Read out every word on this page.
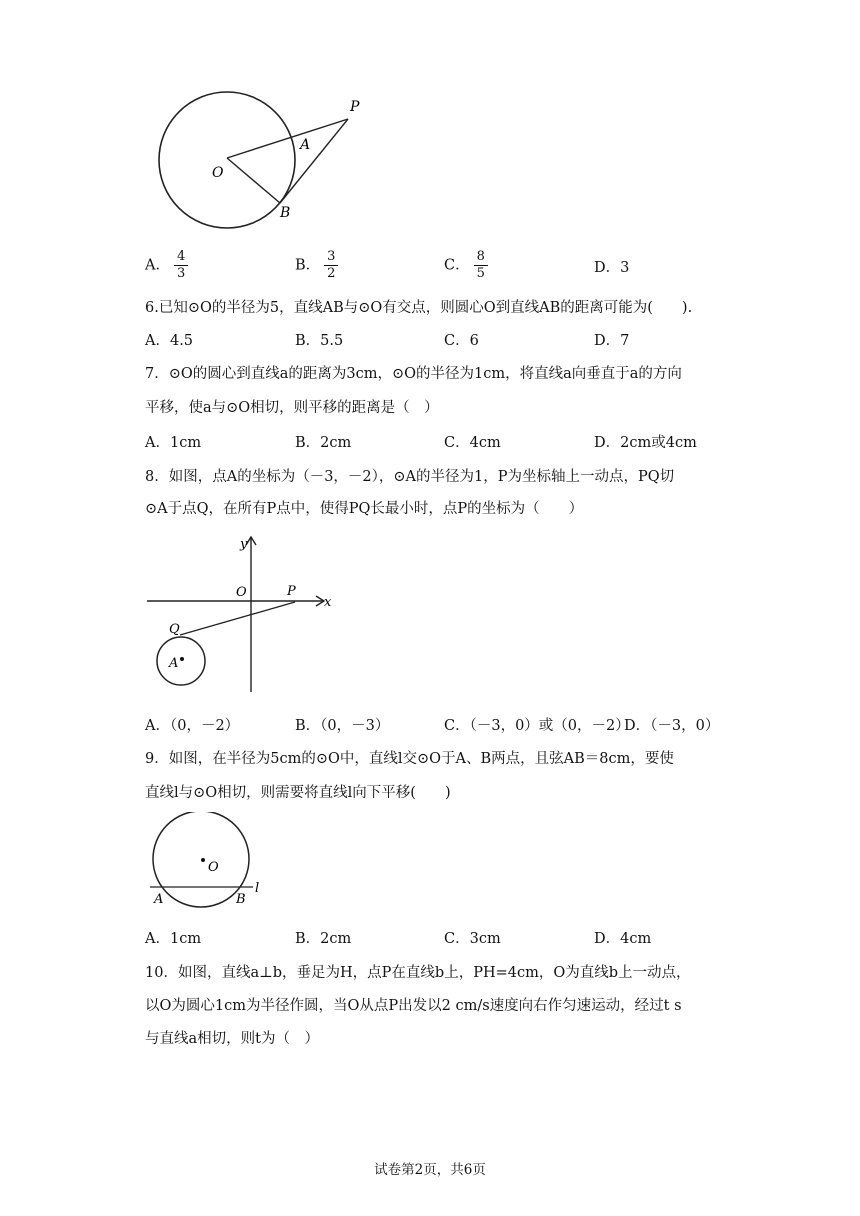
P
A
O
B
A． $\frac{4}{3}$	B． $\frac{3}{2}$	C． $\frac{8}{5}$	D．3
6.已知⊙O的半径为5，直线AB与⊙O有交点，则圆心O到直线AB的距离可能为(　　).
A．4.5	B．5.5	C．6	D．7
7．⊙O的圆心到直线a的距离为3cm，⊙O的半径为1cm，将直线a向垂直于a的方向
平移，使a与⊙O相切，则平移的距离是（　）
A．1cm	B．2cm	C．4cm	D．2cm或4cm
8．如图，点A的坐标为（－3，－2），⊙A的半径为1，P为坐标轴上一动点，PQ切
⊙A于点Q，在所有P点中，使得PQ长最小时，点P的坐标为（　　）
y
x
O	P
Q
A
A．（0，－2）	B．（0，－3）	C．（－3，0）或（0，－2）
D．（－3，0）
9．如图，在半径为5cm的⊙O中，直线l交⊙O于A、B两点，且弦AB＝8cm，要使
直线l与⊙O相切，则需要将直线l向下平移(　　)
O
l
A	B
A．1cm	B．2cm	C．3cm	D．4cm
10．如图，直线a⊥b，垂足为H，点P在直线b上，PH=4cm，O为直线b上一动点，
以O为圆心1cm为半径作圆，当O从点P出发以2 cm/s速度向右作匀速运动，经过t s
与直线a相切，则t为（　）
试卷第2页，共6页
